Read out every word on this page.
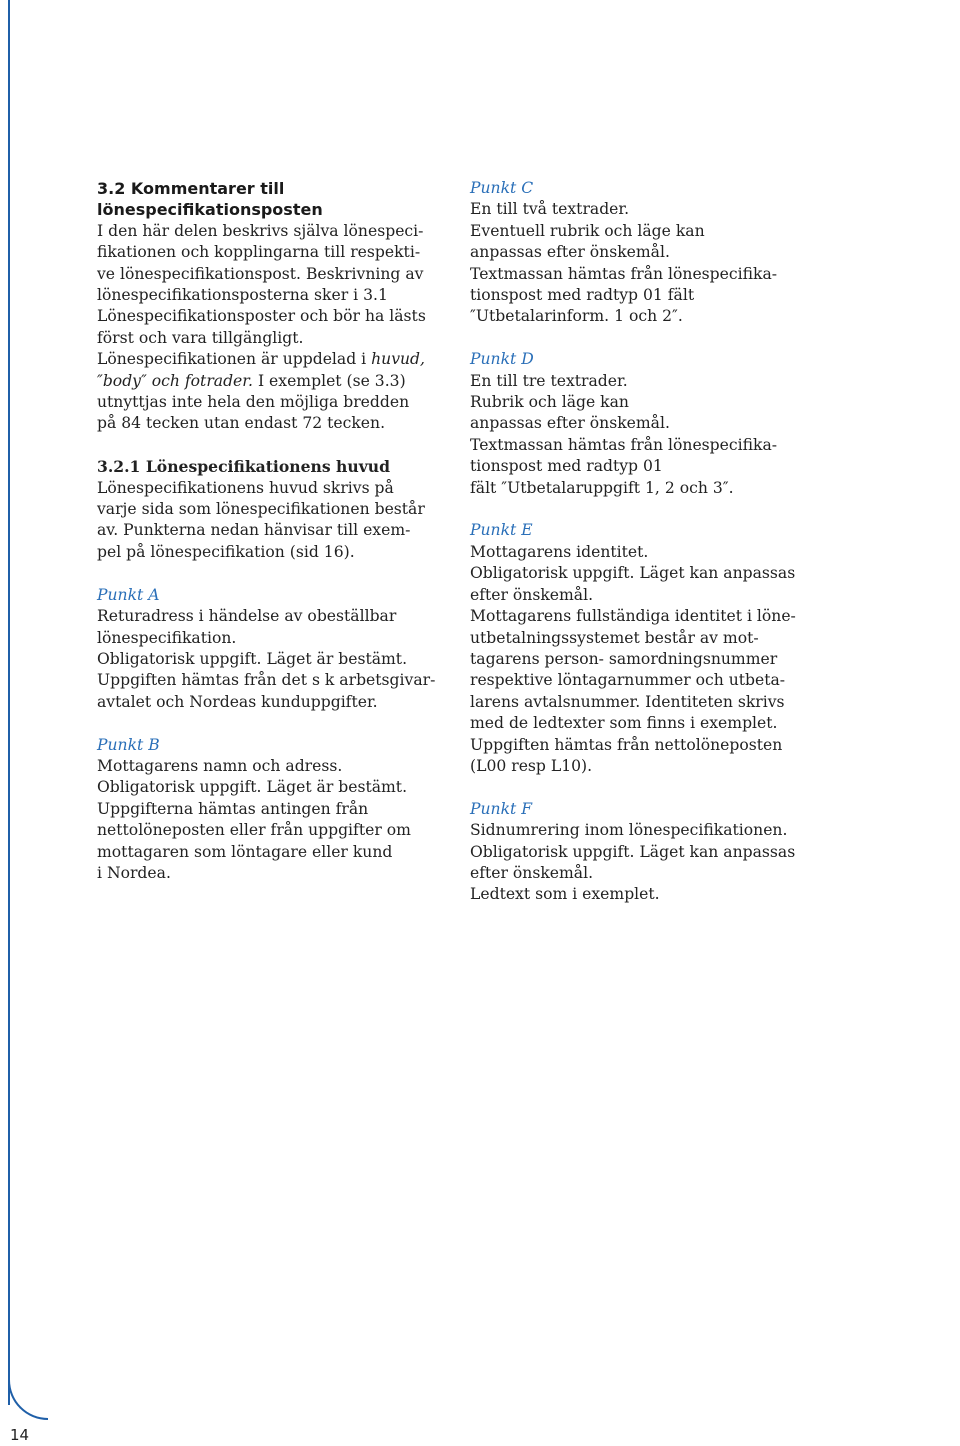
3.2 Kommentarer till
lönespecifikationsposten
I den här delen beskrivs själva lönespeci-
fikationen och kopplingarna till respekti-
ve lönespecifikationspost. Beskrivning av
lönespecifikationsposterna sker i 3.1
Lönespecifikationsposter och bör ha lästs
först och vara tillgängligt.
Lönespecifikationen är uppdelad i huvud,
″body″ och fotrader. I exemplet (se 3.3)
utnyttjas inte hela den möjliga bredden
på 84 tecken utan endast 72 tecken.
3.2.1 Lönespecifikationens huvud
Lönespecifikationens huvud skrivs på
varje sida som lönespecifikationen består
av. Punkterna nedan hänvisar till exem-
pel på lönespecifikation (sid 16).
Punkt A
Returadress i händelse av obeställbar
lönespecifikation.
Obligatorisk uppgift. Läget är bestämt.
Uppgiften hämtas från det s k arbetsgivar-
avtalet och Nordeas kunduppgifter.
Punkt B
Mottagarens namn och adress.
Obligatorisk uppgift. Läget är bestämt.
Uppgifterna hämtas antingen från
nettolöneposten eller från uppgifter om
mottagaren som löntagare eller kund
i Nordea.
Punkt C
En till två textrader.
Eventuell rubrik och läge kan
anpassas efter önskemål.
Textmassan hämtas från lönespecifika-
tionspost med radtyp 01 fält
″Utbetalarinform. 1 och 2″.
Punkt D
En till tre textrader.
Rubrik och läge kan
anpassas efter önskemål.
Textmassan hämtas från lönespecifika-
tionspost med radtyp 01
fält ″Utbetalaruppgift 1, 2 och 3″.
Punkt E
Mottagarens identitet.
Obligatorisk uppgift. Läget kan anpassas
efter önskemål.
Mottagarens fullständiga identitet i löne-
utbetalningssystemet består av mot-
tagarens person- samordningsnummer
respektive löntagarnummer och utbeta-
larens avtalsnummer. Identiteten skrivs
med de ledtexter som finns i exemplet.
Uppgiften hämtas från nettolöneposten
(L00 resp L10).
Punkt F
Sidnumrering inom lönespecifikationen.
Obligatorisk uppgift. Läget kan anpassas
efter önskemål.
Ledtext som i exemplet.
14
